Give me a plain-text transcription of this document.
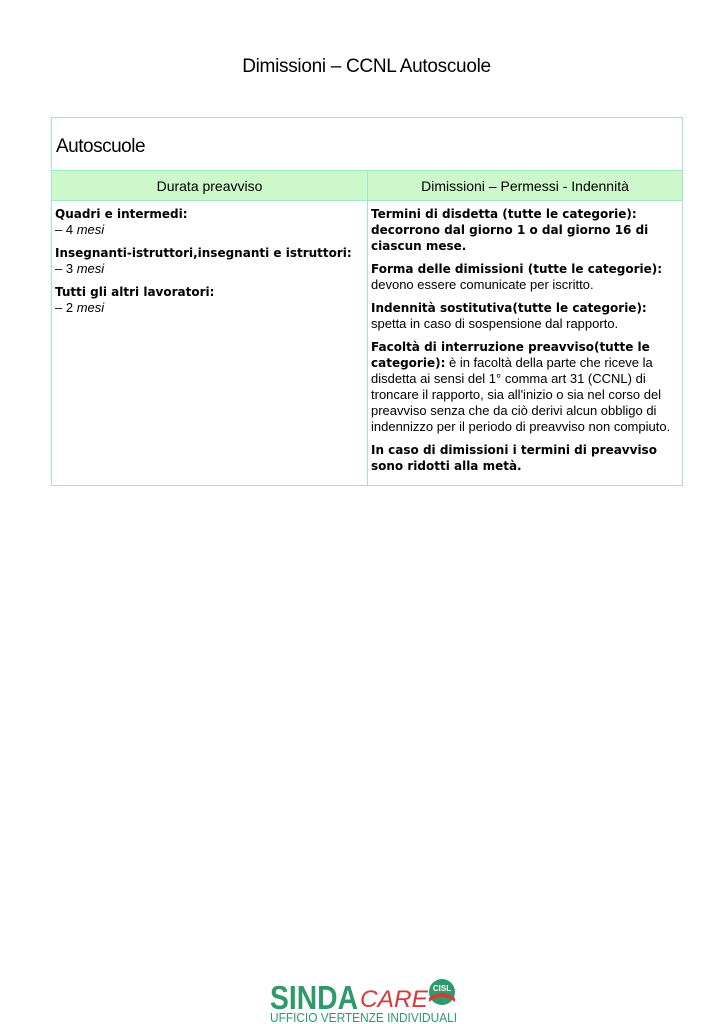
Dimissioni – CCNL Autoscuole
Autoscuole
Durata preavviso	Dimissioni – Permessi - Indennità
Quadri e intermedi:
– 4 mesi
Insegnanti-istruttori,insegnanti e istruttori:
– 3 mesi
Tutti gli altri lavoratori:
– 2 mesi
Termini di disdetta (tutte le categorie): decorrono dal giorno 1 o dal giorno 16 di ciascun mese.
Forma delle dimissioni (tutte le categorie):
devono essere comunicate per iscritto.
Indennità sostitutiva(tutte le categorie):
spetta in caso di sospensione dal rapporto.
Facoltà di interruzione preavviso(tutte le categorie): è in facoltà della parte che riceve la disdetta ai sensi del 1° comma art 31 (CCNL) di troncare il rapporto, sia all'inizio o sia nel corso del preavviso senza che da ciò derivi alcun obbligo di indennizzo per il periodo di preavviso non compiuto.
In caso di dimissioni i termini di preavviso sono ridotti alla metà.
SINDA CARE CISL
UFFICIO VERTENZE INDIVIDUALI
